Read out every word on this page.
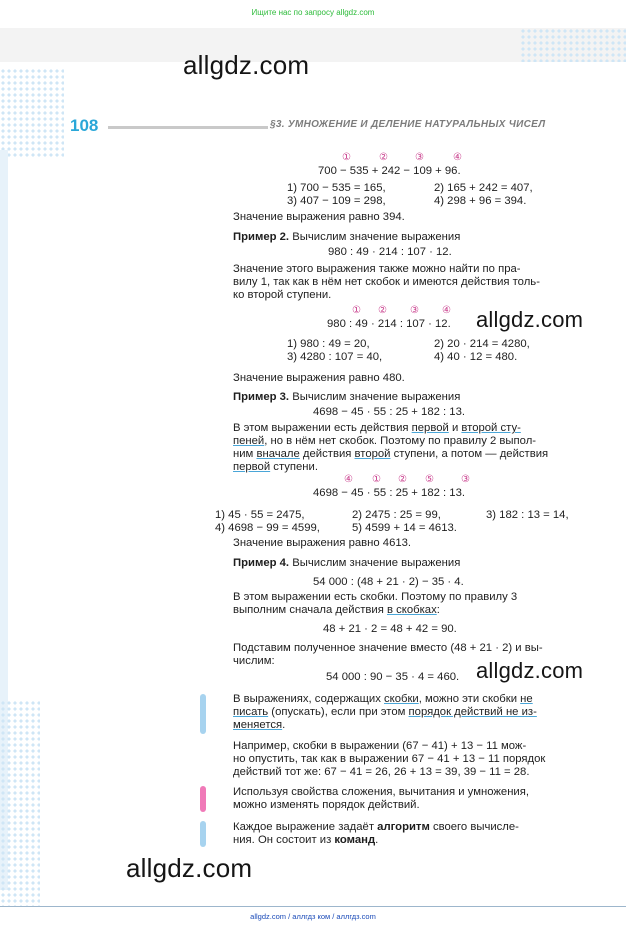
Ищите нас по запросу allgdz.com
allgdz.com
108	§3. УМНОЖЕНИЕ И ДЕЛЕНИЕ НАТУРАЛЬНЫХ ЧИСЕЛ
①	②	③	④
700 − 535 + 242 − 109 + 96.
1) 700 − 535 = 165,	2) 165 + 242 = 407,
3) 407 − 109 = 298,	4) 298 + 96 = 394.
Значение выражения равно 394.
Пример 2. Вычислим значение выражения
980 : 49 · 214 : 107 · 12.
Значение этого выражения также можно найти по пра-
вилу 1, так как в нём нет скобок и имеются действия толь-
ко второй ступени.
① ② ③ ④
980 : 49 · 214 : 107 · 12. allgdz.com
1) 980 : 49 = 20,	2) 20 · 214 = 4280,
3) 4280 : 107 = 40,	4) 40 · 12 = 480.
Значение выражения равно 480.
Пример 3. Вычислим значение выражения
4698 − 45 · 55 : 25 + 182 : 13.
В этом выражении есть действия первой и второй сту-
пеней, но в нём нет скобок. Поэтому по правилу 2 выпол-
ним вначале действия второй ступени, а потом — действия
первой ступени.
④ ① ② ⑤	③
4698 − 45 · 55 : 25 + 182 : 13.
1) 45 · 55 = 2475,	2) 2475 : 25 = 99,	3) 182 : 13 = 14,
4) 4698 − 99 = 4599,	5) 4599 + 14 = 4613.
Значение выражения равно 4613.
Пример 4. Вычислим значение выражения
54 000 : (48 + 21 · 2) − 35 · 4.
В этом выражении есть скобки. Поэтому по правилу 3
выполним сначала действия в скобках:
48 + 21 · 2 = 48 + 42 = 90.
Подставим полученное значение вместо (48 + 21 · 2) и вы-
числим:
54 000 : 90 − 35 · 4 = 460. allgdz.com
В выражениях, содержащих скобки, можно эти скобки не
писать (опускать), если при этом порядок действий не из-
меняется.
Например, скобки в выражении (67 − 41) + 13 − 11 мож-
но опустить, так как в выражении 67 − 41 + 13 − 11 порядок
действий тот же: 67 − 41 = 26, 26 + 13 = 39, 39 − 11 = 28.
Используя свойства сложения, вычитания и умножения,
можно изменять порядок действий.
Каждое выражение задаёт алгоритм своего вычисле-
ния. Он состоит из команд.
allgdz.com
allgdz.com / аллгдз ком / аллгдз.com
